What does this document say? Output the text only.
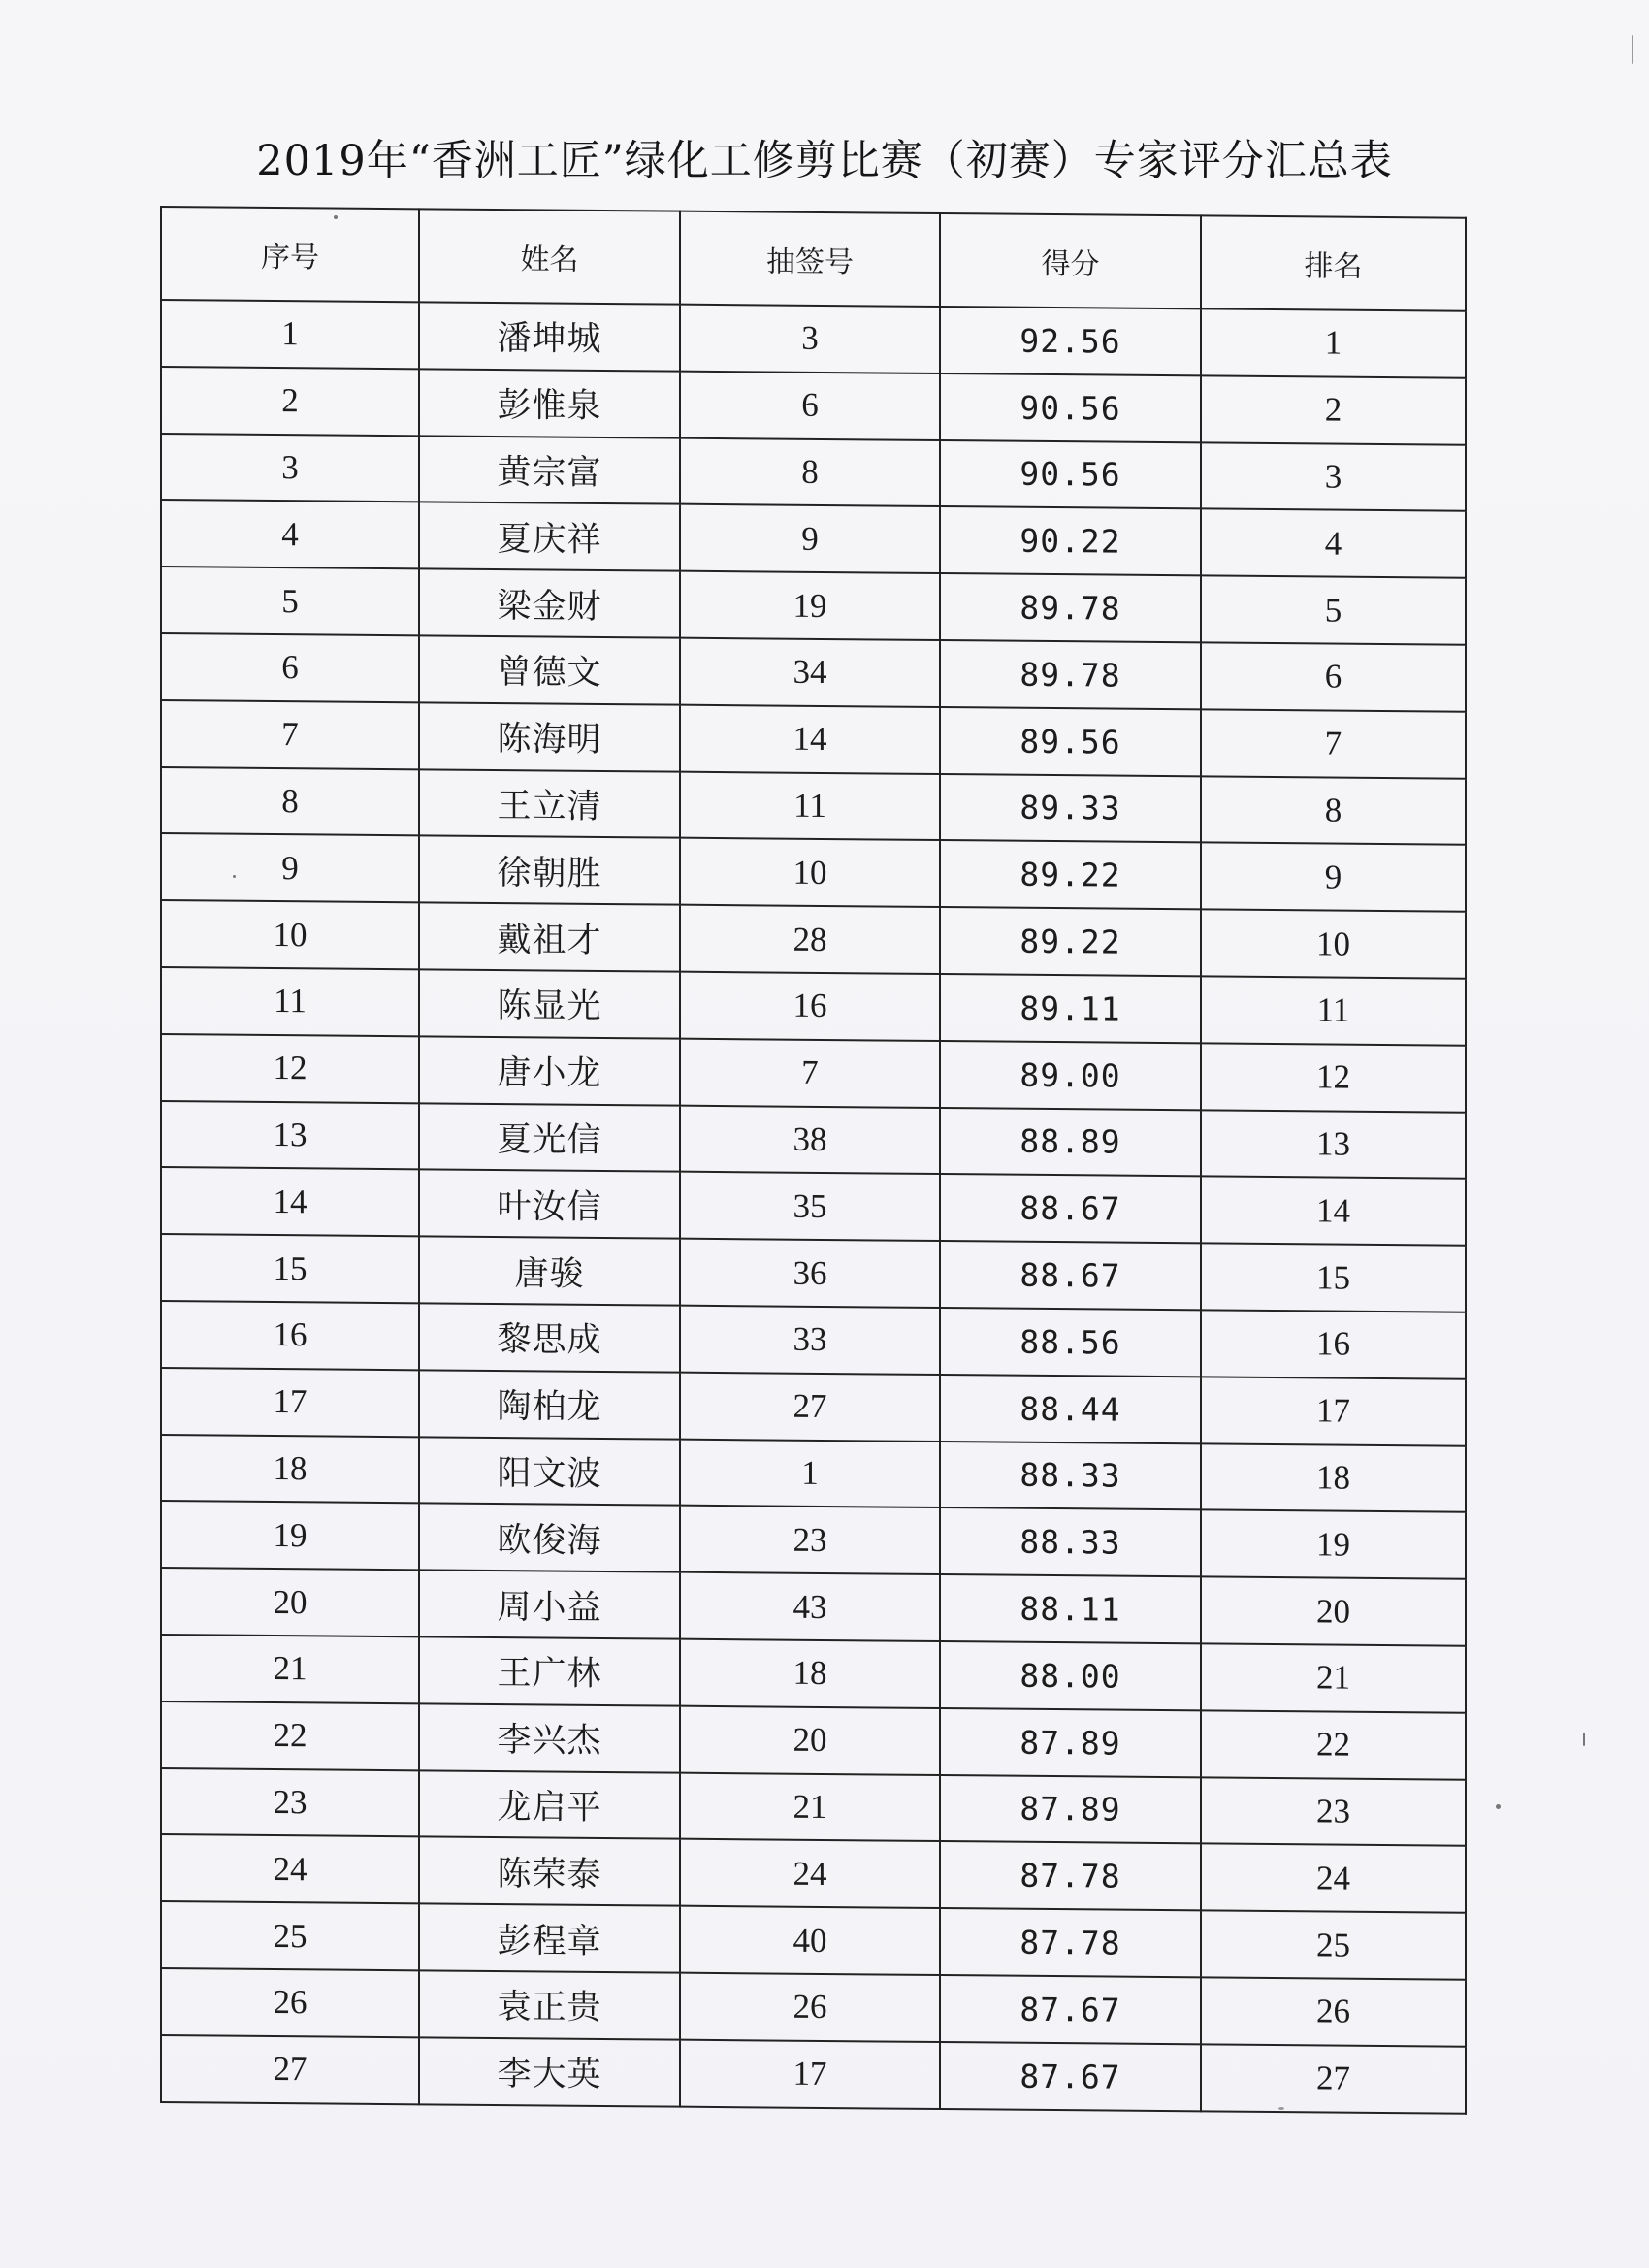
2019年“香洲工匠”绿化工修剪比赛（初赛）专家评分汇总表
序号	姓名	抽签号	得分	排名
1	潘坤城	3	92.56	1
2	彭惟泉	6	90.56	2
3	黄宗富	8	90.56	3
4	夏庆祥	9	90.22	4
5	梁金财	19	89.78	5
6	曾德文	34	89.78	6
7	陈海明	14	89.56	7
8	王立清	11	89.33	8
9	徐朝胜	10	89.22	9
10	戴祖才	28	89.22	10
11	陈显光	16	89.11	11
12	唐小龙	7	89.00	12
13	夏光信	38	88.89	13
14	叶汝信	35	88.67	14
15	唐骏	36	88.67	15
16	黎思成	33	88.56	16
17	陶柏龙	27	88.44	17
18	阳文波	1	88.33	18
19	欧俊海	23	88.33	19
20	周小益	43	88.11	20
21	王广林	18	88.00	21
22	李兴杰	20	87.89	22
23	龙启平	21	87.89	23
24	陈荣泰	24	87.78	24
25	彭程章	40	87.78	25
26	袁正贵	26	87.67	26
27	李大英	17	87.67	27
